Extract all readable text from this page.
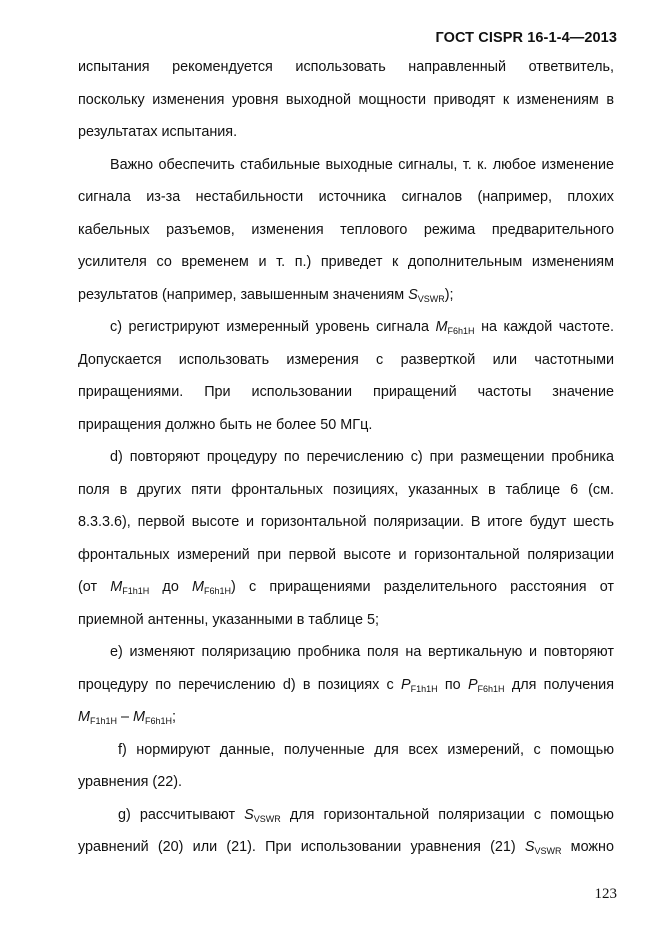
ГОСТ CISPR 16-1-4—2013
испытания рекомендуется использовать направленный ответвитель,
поскольку изменения уровня выходной мощности приводят к изменениям в
результатах испытания.
Важно обеспечить стабильные выходные сигналы, т. к. любое изменение
сигнала из-за нестабильности источника сигналов (например, плохих
кабельных разъемов, изменения теплового режима предварительного
усилителя со временем и т. п.) приведет к дополнительным изменениям
результатов (например, завышенным значениям $S_{VSWR}$);
с) регистрируют измеренный уровень сигнала $M_{F6h1H}$ на каждой частоте.
Допускается использовать измерения с разверткой или частотными
приращениями. При использовании приращений частоты значение
приращения должно быть не более 50 МГц.
d) повторяют процедуру по перечислению с) при размещении пробника
поля в других пяти фронтальных позициях, указанных в таблице 6 (см.
8.3.3.6), первой высоте и горизонтальной поляризации. В итоге будут шесть
фронтальных измерений при первой высоте и горизонтальной поляризации
(от $M_{F1h1H}$ до $M_{F6h1H}$) с приращениями разделительного расстояния от
приемной антенны, указанными в таблице 5;
е) изменяют поляризацию пробника поля на вертикальную и повторяют
процедуру по перечислению d) в позициях с $P_{F1h1H}$ по $P_{F6h1H}$ для получения
$M_{F1h1H} - M_{F6h1H}$;
f) нормируют данные, полученные для всех измерений, с помощью
уравнения (22).
g) рассчитывают $S_{VSWR}$ для горизонтальной поляризации с помощью
уравнений (20) или (21). При использовании уравнения (21) $S_{VSWR}$ можно
123
